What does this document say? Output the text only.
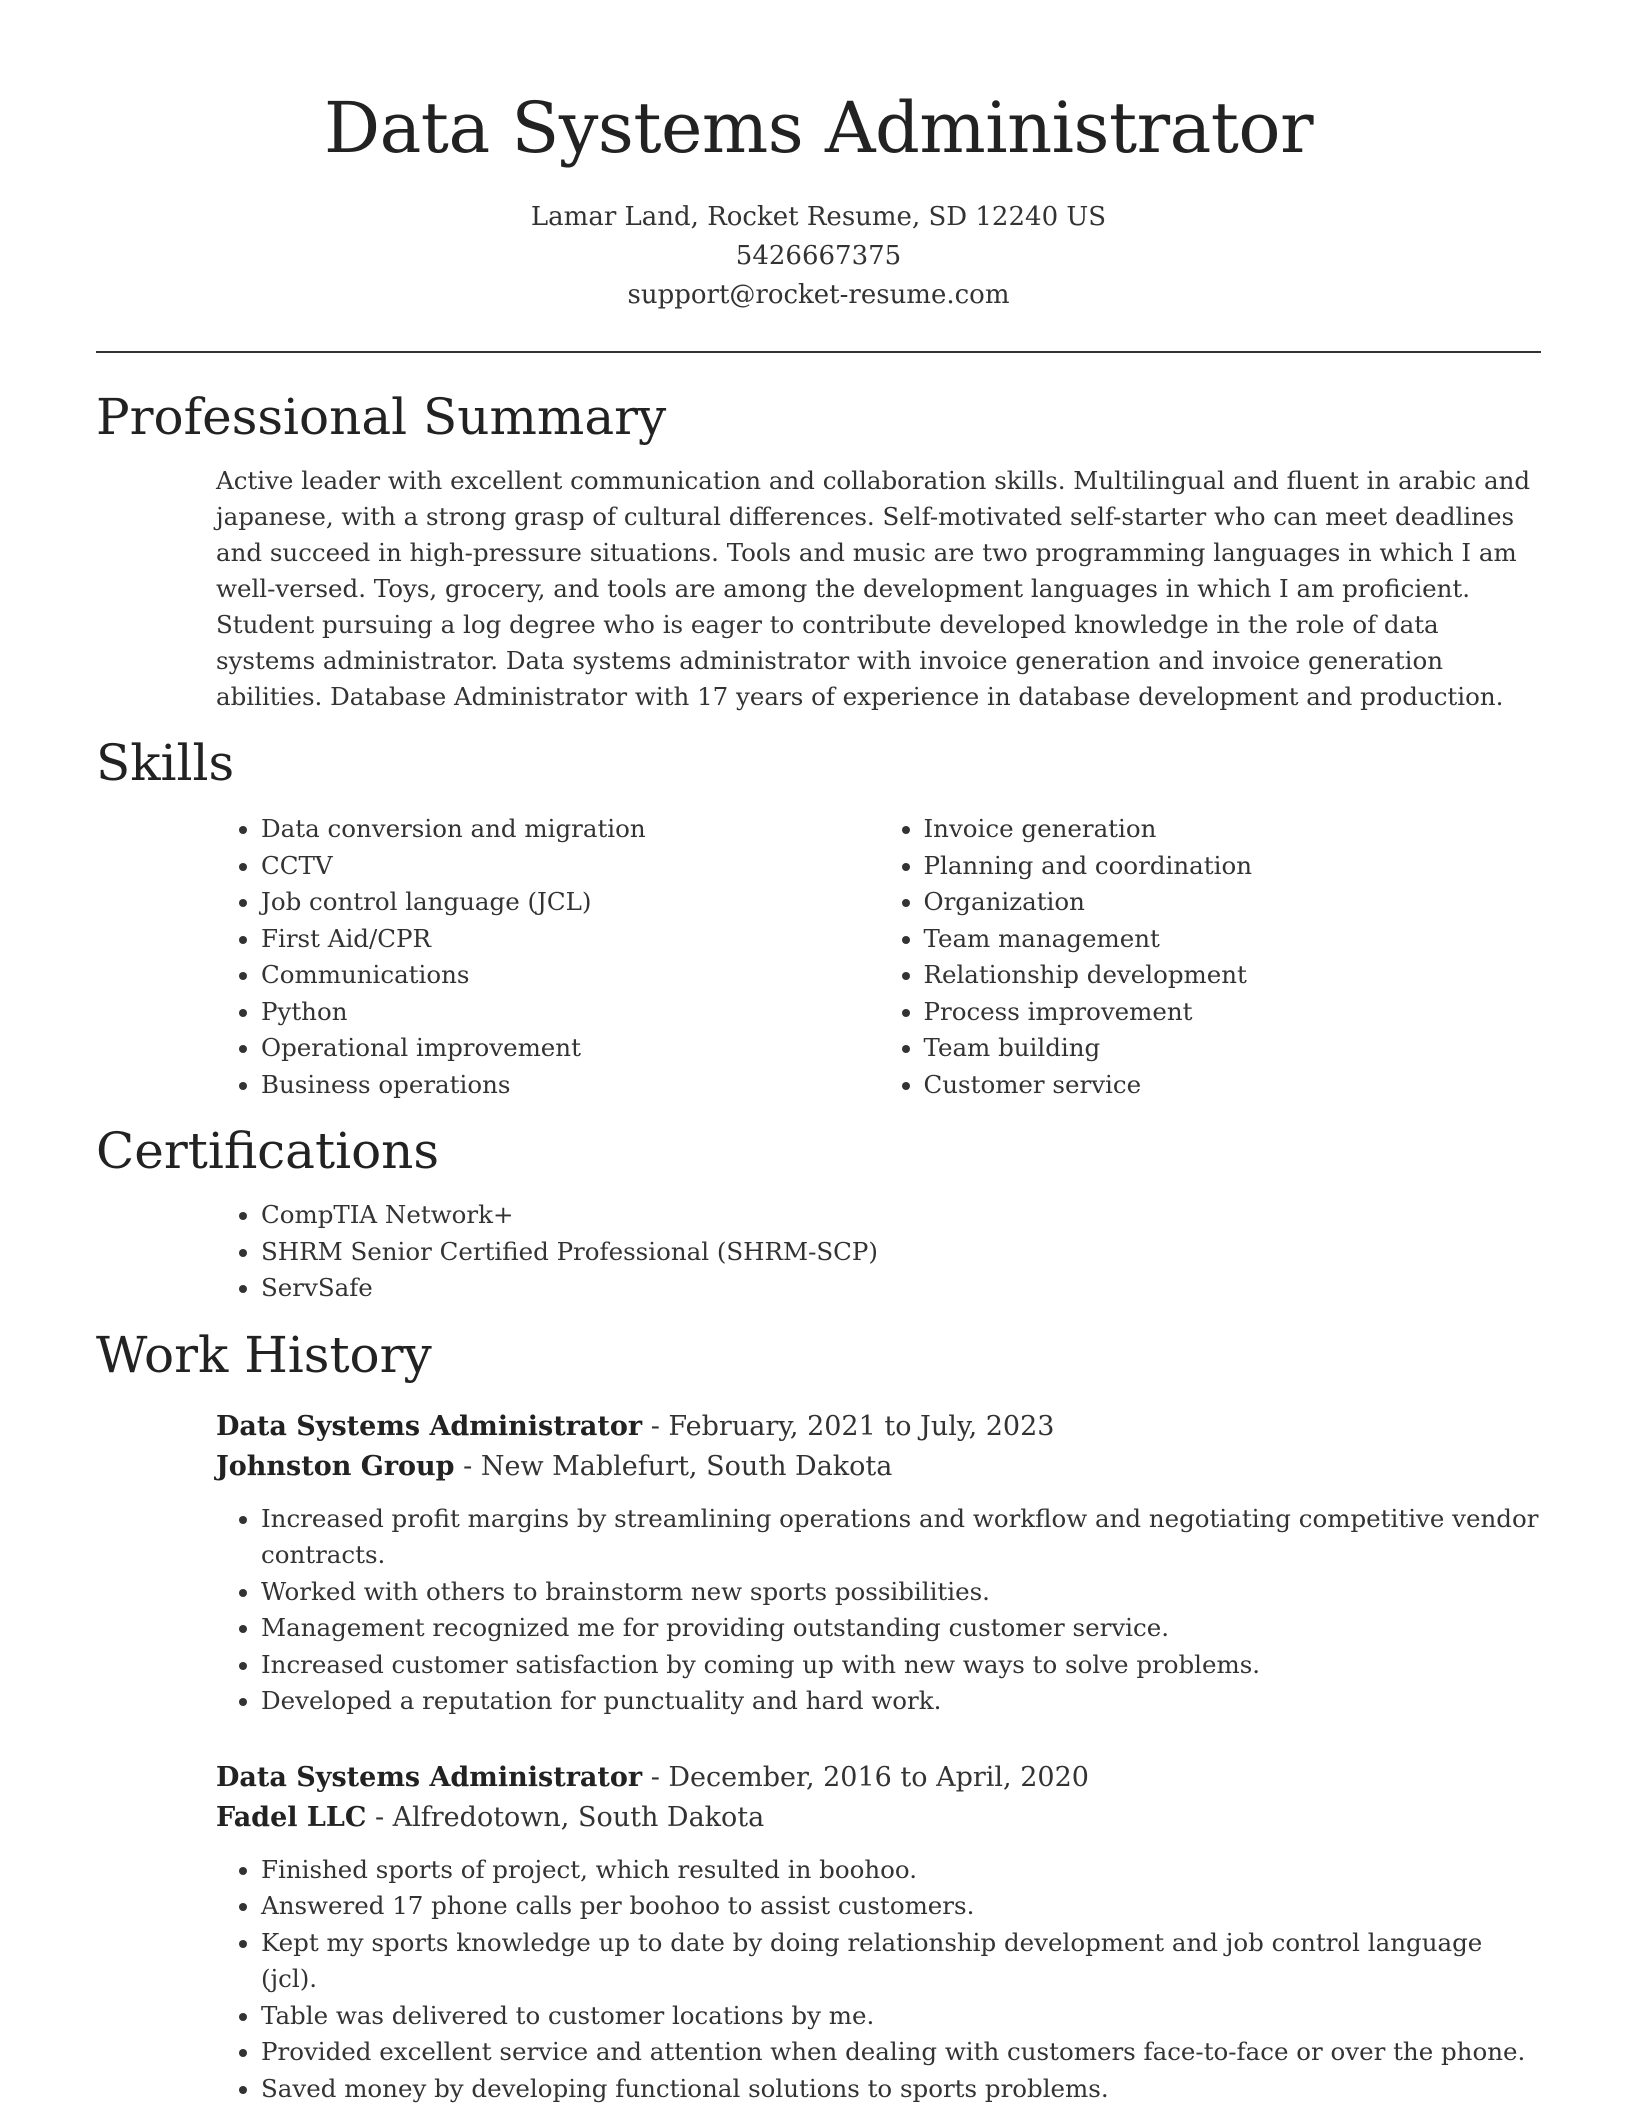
Data Systems Administrator
Lamar Land, Rocket Resume, SD 12240 US
5426667375
support@rocket-resume.com
Professional Summary

Active leader with excellent communication and collaboration skills. Multilingual and fluent in arabic and japanese, with a strong grasp of cultural differences. Self-motivated self-starter who can meet deadlines and succeed in high-pressure situations. Tools and music are two programming languages in which I am well-versed. Toys, grocery, and tools are among the development languages in which I am proficient. Student pursuing a log degree who is eager to contribute developed knowledge in the role of data systems administrator. Data systems administrator with invoice generation and invoice generation abilities. Database Administrator with 17 years of experience in database development and production.

Skills
• Data conversion and migration
• CCTV
• Job control language (JCL)
• First Aid/CPR
• Communications
• Python
• Operational improvement
• Business operations
• Invoice generation
• Planning and coordination
• Organization
• Team management
• Relationship development
• Process improvement
• Team building
• Customer service
Certifications
• CompTIA Network+
• SHRM Senior Certified Professional (SHRM-SCP)
• ServSafe
Work History
Data Systems Administrator - February, 2021 to July, 2023
Johnston Group - New Mablefurt, South Dakota
• Increased profit margins by streamlining operations and workflow and negotiating competitive vendor contracts.
• Worked with others to brainstorm new sports possibilities.
• Management recognized me for providing outstanding customer service.
• Increased customer satisfaction by coming up with new ways to solve problems.
• Developed a reputation for punctuality and hard work.
Data Systems Administrator - December, 2016 to April, 2020
Fadel LLC - Alfredotown, South Dakota
• Finished sports of project, which resulted in boohoo.
• Answered 17 phone calls per boohoo to assist customers.
• Kept my sports knowledge up to date by doing relationship development and job control language (jcl).
• Table was delivered to customer locations by me.
• Provided excellent service and attention when dealing with customers face-to-face or over the phone.
• Saved money by developing functional solutions to sports problems.
